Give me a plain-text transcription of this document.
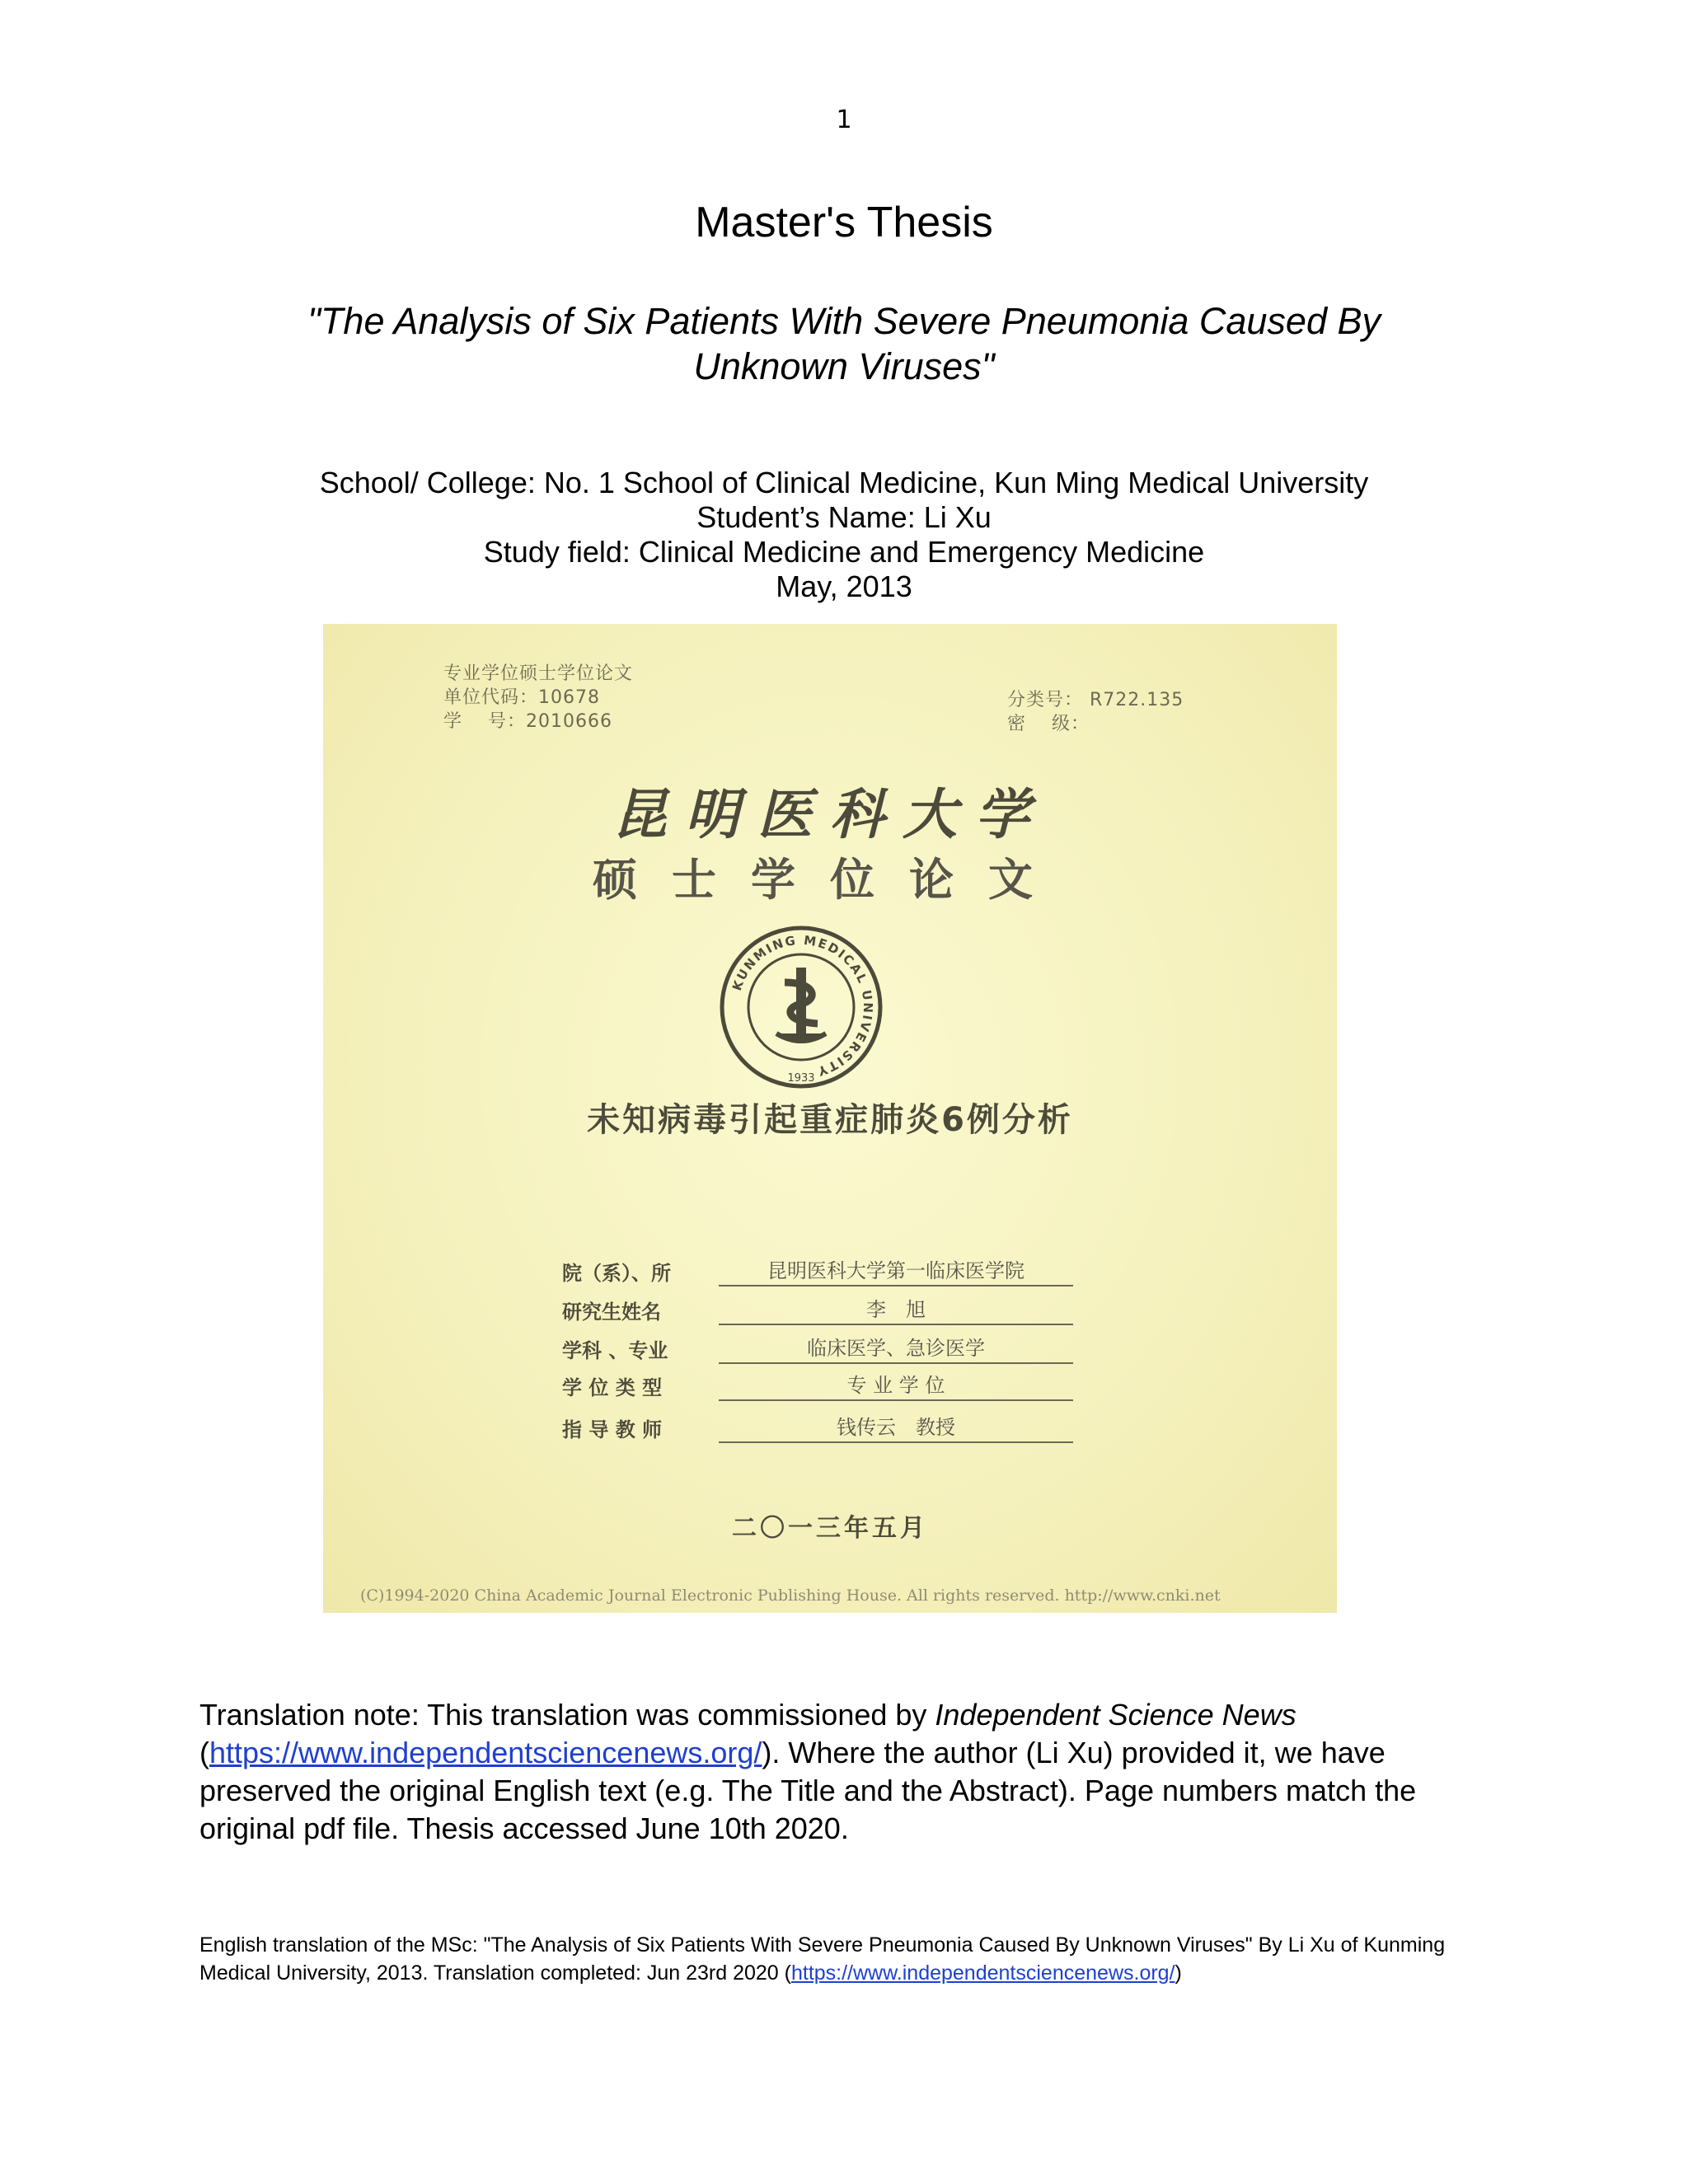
1
Master's Thesis
"The Analysis of Six Patients With Severe Pneumonia Caused By
Unknown Viruses"
School/ College: No. 1 School of Clinical Medicine, Kun Ming Medical University
Student’s Name: Li Xu
Study field: Clinical Medicine and Emergency Medicine
May, 2013
专业学位硕士学位论文
单位代码：10678
学 　号：2010666
分类号： R722.135
密 　级：
昆明医科大学
硕士学位论文
KUNMING MEDICAL UNIVERSITY
1933
未知病毒引起重症肺炎6例分析
院（系）、所	昆明医科大学第一临床医学院
研究生姓名	李　旭
学科 、专业	临床医学、急诊医学
学 位 类 型	专 业 学 位
指 导 教 师	钱传云　教授
二〇一三年五月
(C)1994-2020 China Academic Journal Electronic Publishing House. All rights reserved. http://www.cnki.net
Translation note: This translation was commissioned by Independent Science News
(https://www.independentsciencenews.org/). Where the author (Li Xu) provided it, we have preserved the original English text (e.g. The Title and the Abstract). Page numbers match the original pdf file. Thesis accessed June 10th 2020.
English translation of the MSc: "The Analysis of Six Patients With Severe Pneumonia Caused By Unknown Viruses" By Li Xu of Kunming Medical University, 2013. Translation completed: Jun 23rd 2020 (https://www.independentsciencenews.org/)
